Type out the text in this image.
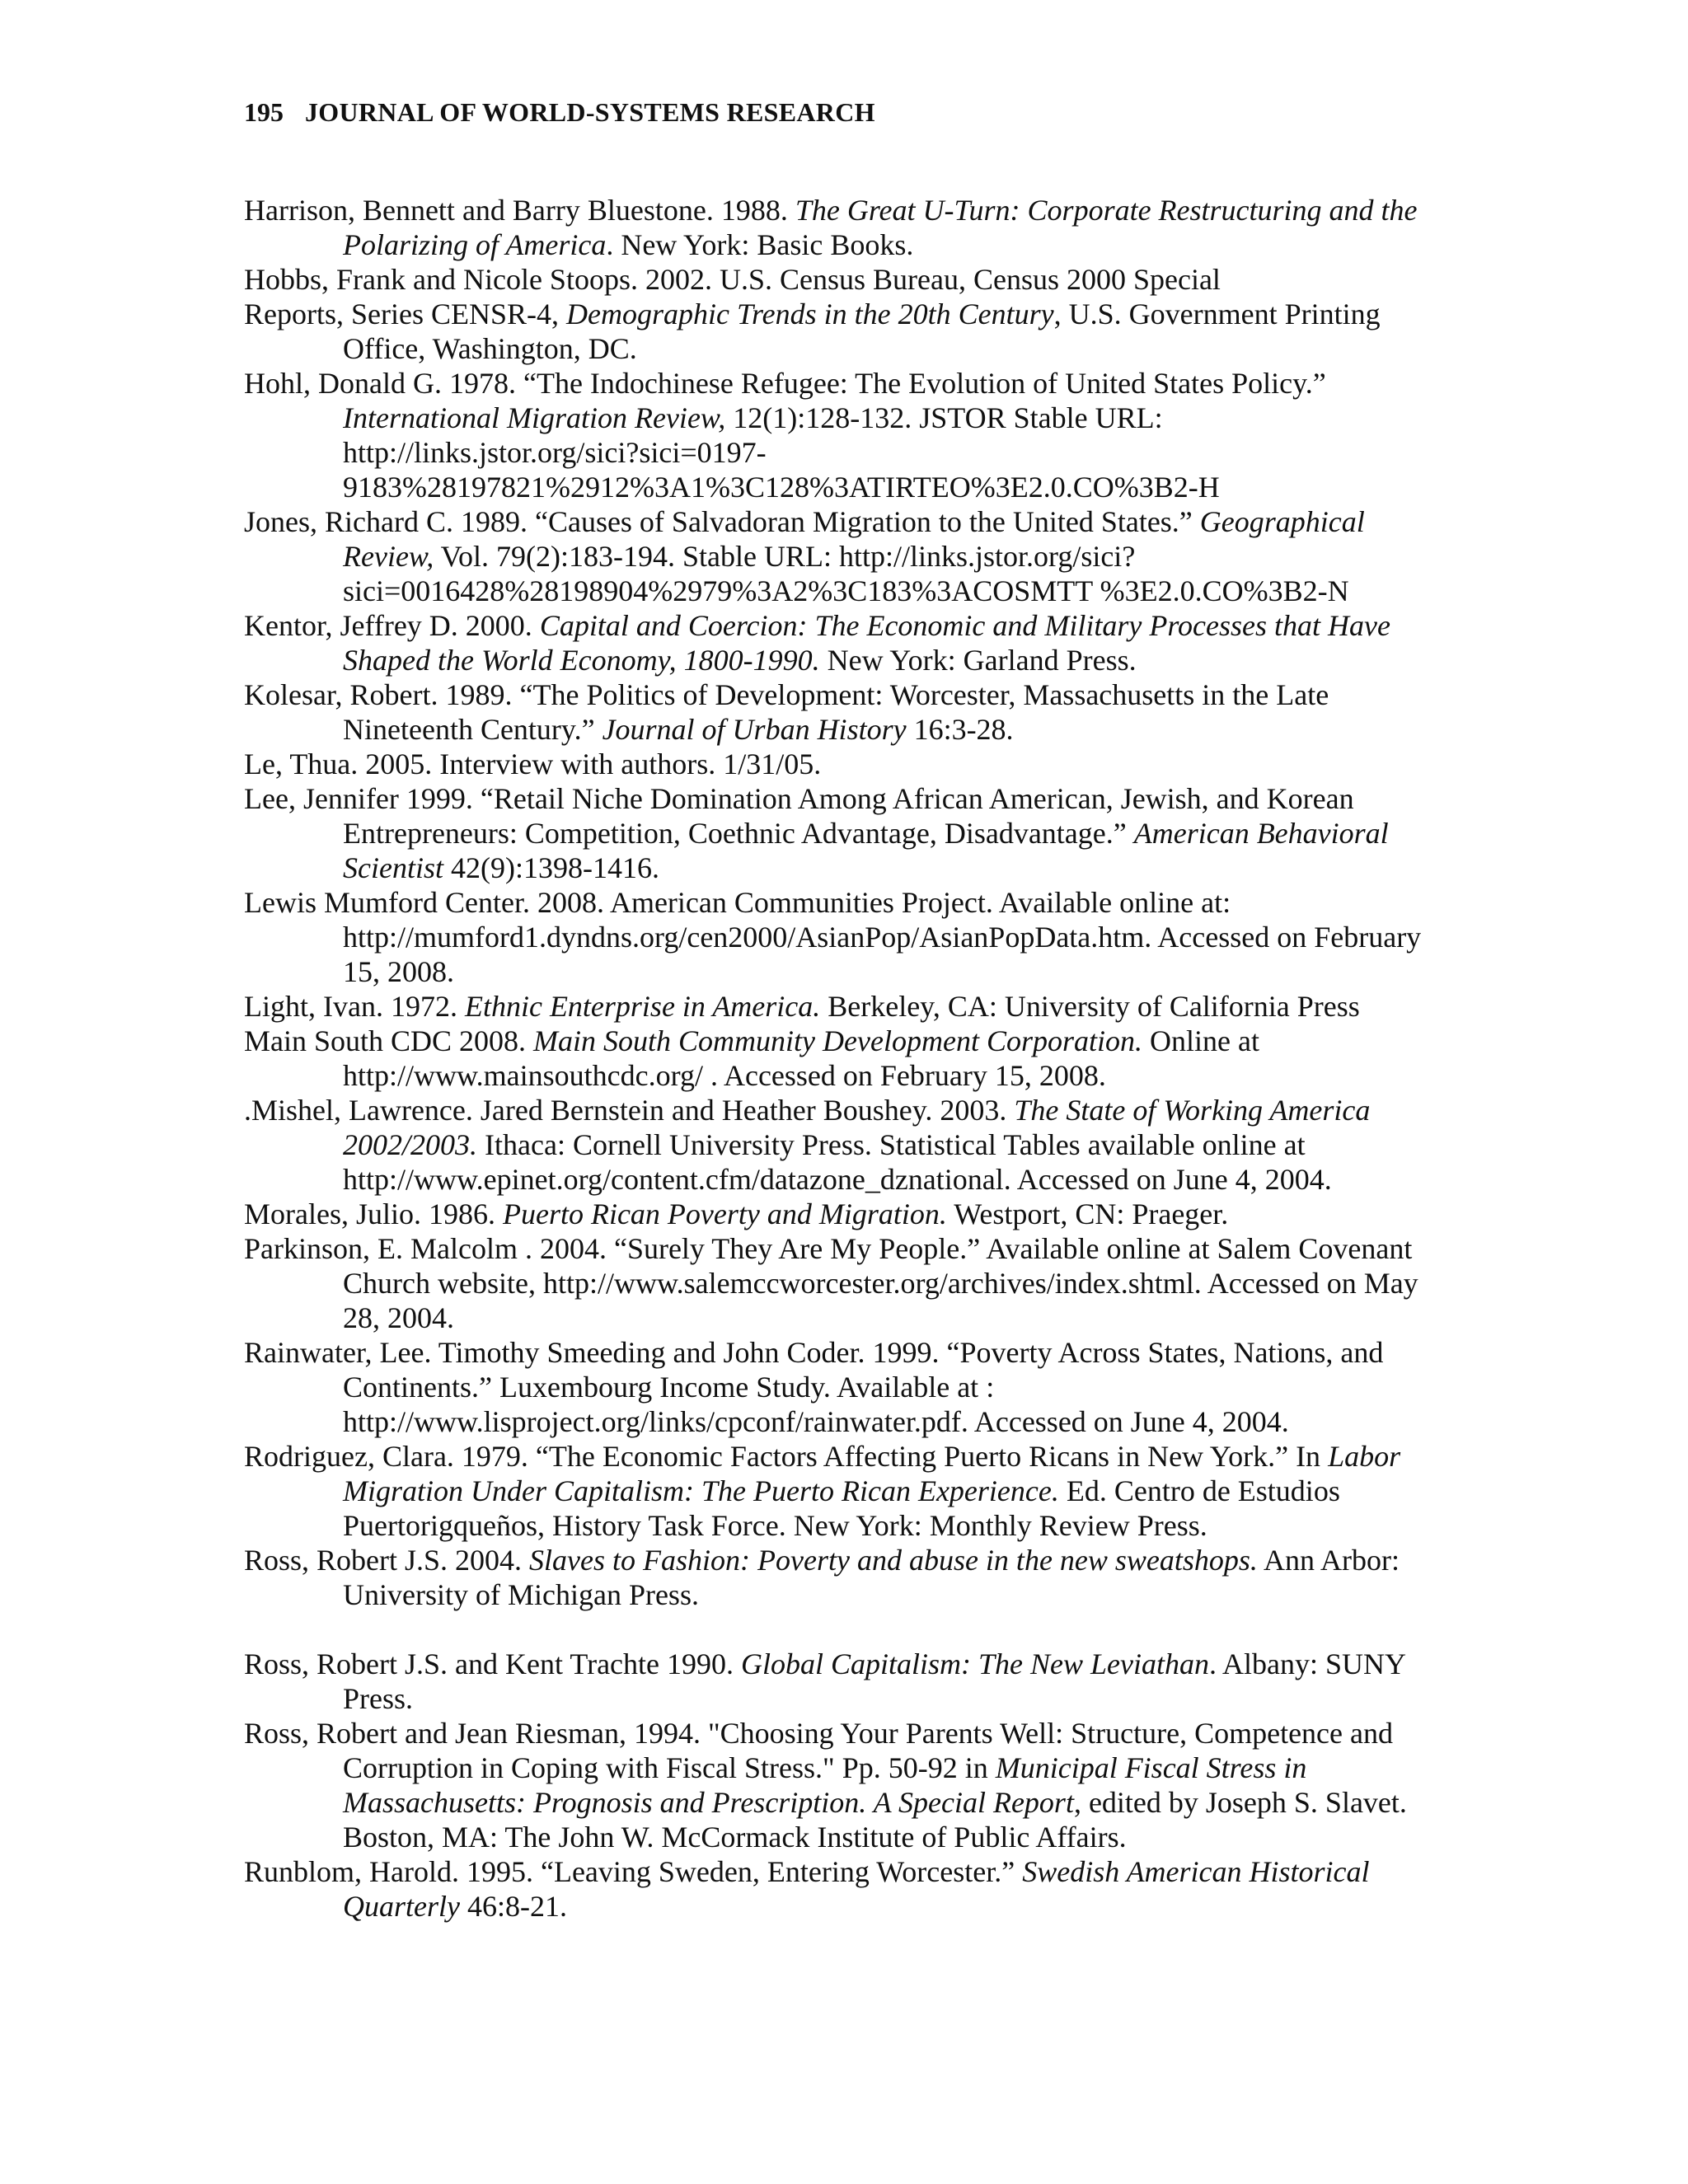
195 JOURNAL OF WORLD-SYSTEMS RESEARCH

Harrison, Bennett and Barry Bluestone. 1988. The Great U-Turn: Corporate Restructuring and the Polarizing of America. New York: Basic Books.

Hobbs, Frank and Nicole Stoops. 2002. U.S. Census Bureau, Census 2000 Special

Reports, Series CENSR-4, Demographic Trends in the 20th Century, U.S. Government Printing Office, Washington, DC.

Hohl, Donald G. 1978. “The Indochinese Refugee: The Evolution of United States Policy.” International Migration Review, 12(1):128-132. JSTOR Stable URL: http://links.jstor.org/sici?sici=0197- 9183%28197821%2912%3A1%3C128%3ATIRTEO%3E2.0.CO%3B2-H

Jones, Richard C. 1989. “Causes of Salvadoran Migration to the United States.” Geographical Review, Vol. 79(2):183-194. Stable URL: http://links.jstor.org/sici?sici=0016428%28198904%2979%3A2%3C183%3ACOSMTT %3E2.0.CO%3B2-N

Kentor, Jeffrey D. 2000. Capital and Coercion: The Economic and Military Processes that Have Shaped the World Economy, 1800-1990. New York: Garland Press.

Kolesar, Robert. 1989. “The Politics of Development: Worcester, Massachusetts in the Late Nineteenth Century.” Journal of Urban History 16:3-28.

Le, Thua. 2005. Interview with authors. 1/31/05.

Lee, Jennifer 1999. “Retail Niche Domination Among African American, Jewish, and Korean Entrepreneurs: Competition, Coethnic Advantage, Disadvantage.” American Behavioral Scientist 42(9):1398-1416.

Lewis Mumford Center. 2008. American Communities Project. Available online at: http://mumford1.dyndns.org/cen2000/AsianPop/AsianPopData.htm. Accessed on February 15, 2008.

Light, Ivan. 1972. Ethnic Enterprise in America. Berkeley, CA: University of California Press

Main South CDC 2008. Main South Community Development Corporation. Online at http://www.mainsouthcdc.org/ . Accessed on February 15, 2008.

.Mishel, Lawrence. Jared Bernstein and Heather Boushey. 2003. The State of Working America 2002/2003. Ithaca: Cornell University Press. Statistical Tables available online at http://www.epinet.org/content.cfm/datazone_dznational. Accessed on June 4, 2004.

Morales, Julio. 1986. Puerto Rican Poverty and Migration. Westport, CN: Praeger.

Parkinson, E. Malcolm . 2004. “Surely They Are My People.” Available online at Salem Covenant Church website, http://www.salemccworcester.org/archives/index.shtml. Accessed on May 28, 2004.

Rainwater, Lee. Timothy Smeeding and John Coder. 1999. “Poverty Across States, Nations, and Continents.” Luxembourg Income Study. Available at : http://www.lisproject.org/links/cpconf/rainwater.pdf. Accessed on June 4, 2004.

Rodriguez, Clara. 1979. “The Economic Factors Affecting Puerto Ricans in New York.” In Labor Migration Under Capitalism: The Puerto Rican Experience. Ed. Centro de Estudios Puertorigqueños, History Task Force. New York: Monthly Review Press.

Ross, Robert J.S. 2004. Slaves to Fashion: Poverty and abuse in the new sweatshops. Ann Arbor: University of Michigan Press.

Ross, Robert J.S. and Kent Trachte 1990. Global Capitalism: The New Leviathan. Albany: SUNY Press.

Ross, Robert and Jean Riesman, 1994. "Choosing Your Parents Well: Structure, Competence and Corruption in Coping with Fiscal Stress." Pp. 50-92 in Municipal Fiscal Stress in Massachusetts: Prognosis and Prescription. A Special Report, edited by Joseph S. Slavet. Boston, MA: The John W. McCormack Institute of Public Affairs.

Runblom, Harold. 1995. “Leaving Sweden, Entering Worcester.” Swedish American Historical Quarterly 46:8-21.
